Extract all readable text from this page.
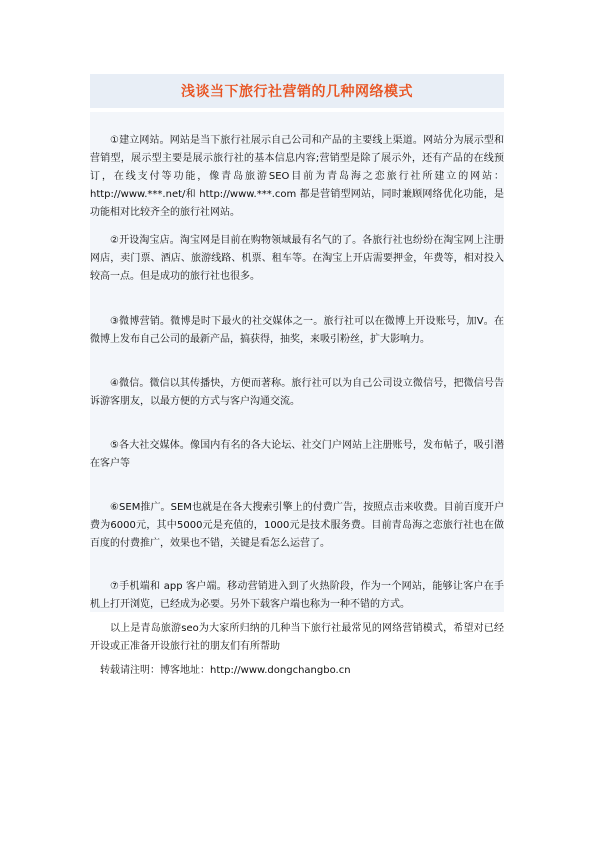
浅谈当下旅行社营销的几种网络模式

①建立网站。网站是当下旅行社展示自己公司和产品的主要线上渠道。网站分为展示型和营销型，展示型主要是展示旅行社的基本信息内容;营销型是除了展示外，还有产品的在线预订，在线支付等功能，像青岛旅游SEO目前为青岛海之恋旅行社所建立的网站：http://www.***.net/和 http://www.***.com 都是营销型网站，同时兼顾网络优化功能，是功能相对比较齐全的旅行社网站。

②开设淘宝店。淘宝网是目前在购物领域最有名气的了。各旅行社也纷纷在淘宝网上注册网店，卖门票、酒店、旅游线路、机票、租车等。在淘宝上开店需要押金，年费等，相对投入较高一点。但是成功的旅行社也很多。

③微博营销。微博是时下最火的社交媒体之一。旅行社可以在微博上开设账号，加V。在微博上发布自己公司的最新产品，搞获得，抽奖，来吸引粉丝，扩大影响力。

④微信。微信以其传播快，方便而著称。旅行社可以为自己公司设立微信号，把微信号告诉游客朋友，以最方便的方式与客户沟通交流。

⑤各大社交媒体。像国内有名的各大论坛、社交门户网站上注册账号，发布帖子，吸引潜在客户等

⑥SEM推广。SEM也就是在各大搜索引擎上的付费广告，按照点击来收费。目前百度开户费为6000元，其中5000元是充值的，1000元是技术服务费。目前青岛海之恋旅行社也在做百度的付费推广，效果也不错，关键是看怎么运营了。

⑦手机端和 app 客户端。移动营销进入到了火热阶段，作为一个网站，能够让客户在手机上打开浏览，已经成为必要。另外下载客户端也称为一种不错的方式。

以上是青岛旅游seo为大家所归纳的几种当下旅行社最常见的网络营销模式，希望对已经开设或正准备开设旅行社的朋友们有所帮助

转载请注明：博客地址：http://www.dongchangbo.cn
